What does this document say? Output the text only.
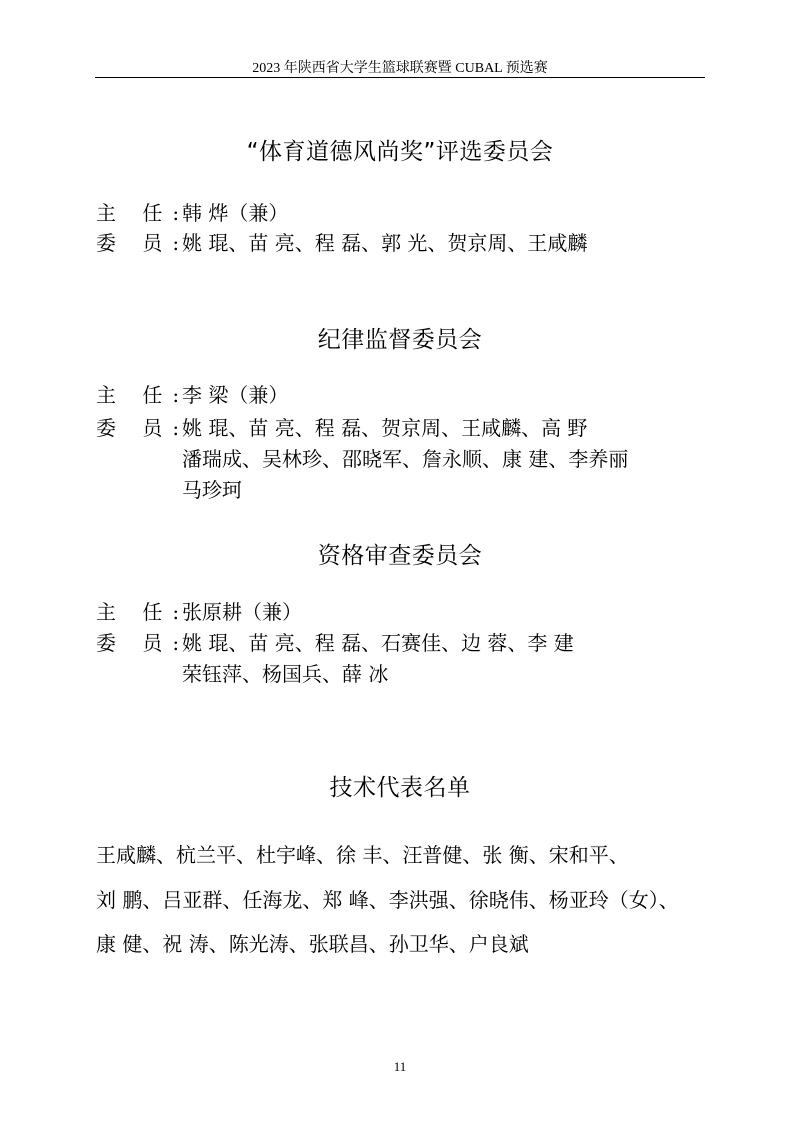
2023 年陕西省大学生篮球联赛暨 CUBAL 预选赛
“体育道德风尚奖”评选委员会
主 任:韩 烨（兼）
委 员:姚 琨、苗 亮、程 磊、郭 光、贺京周、王咸麟
纪律监督委员会
主 任:李 梁（兼）
委 员:姚 琨、苗 亮、程 磊、贺京周、王咸麟、高 野
潘瑞成、吴林珍、邵晓军、詹永顺、康 建、李养丽
马珍珂
资格审查委员会
主 任:张原耕（兼）
委 员:姚 琨、苗 亮、程 磊、石赛佳、边 蓉、李 建
荣钰萍、杨国兵、薛 冰
技术代表名单
王咸麟、杭兰平、杜宇峰、徐 丰、汪普健、张 衡、宋和平、
刘 鹏、吕亚群、任海龙、郑 峰、李洪强、徐晓伟、杨亚玲（女）、
康 健、祝 涛、陈光涛、张联昌、孙卫华、户良斌
11
